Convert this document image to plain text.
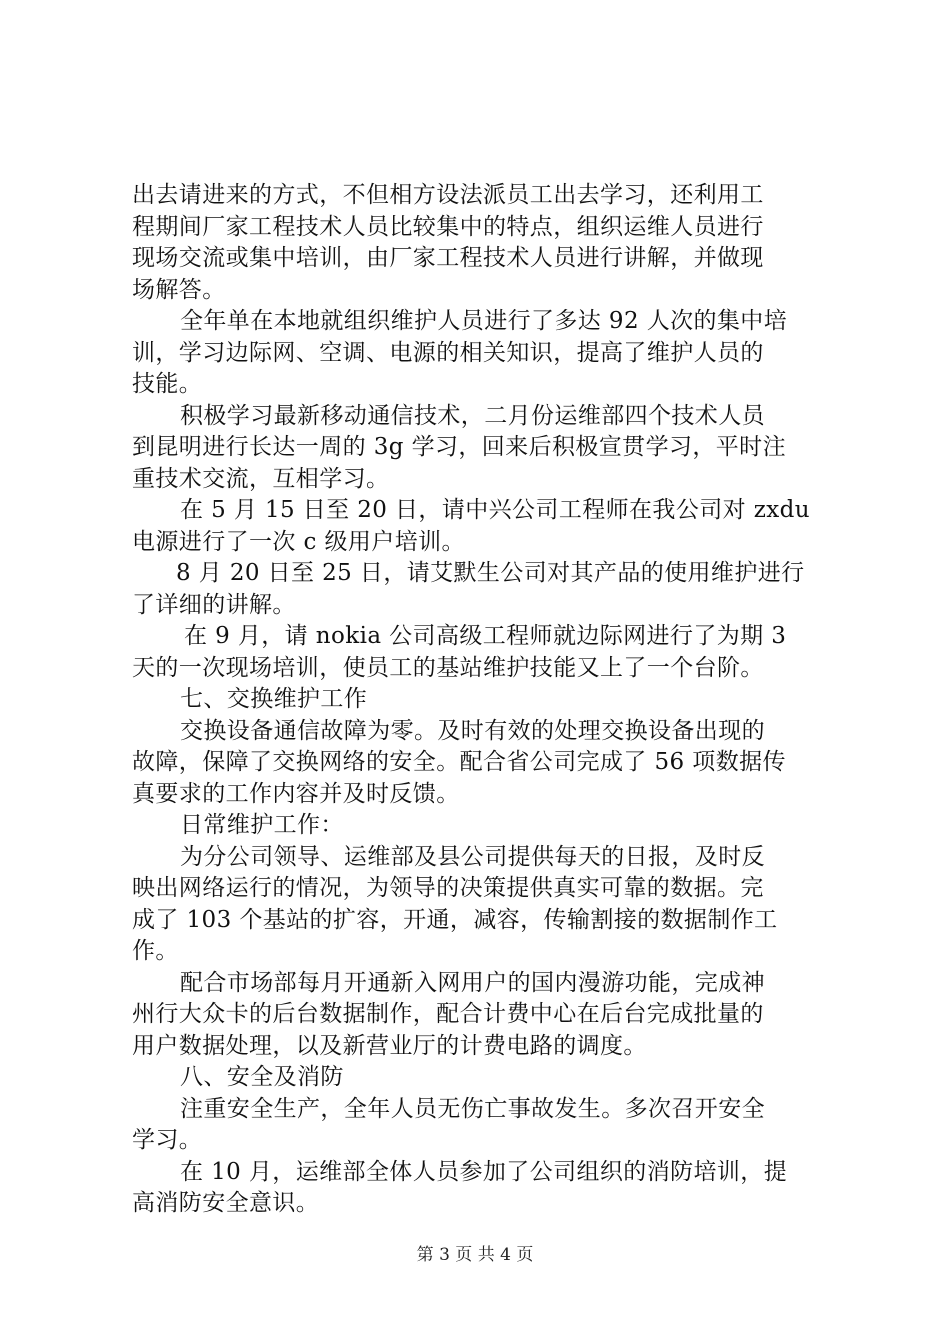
出去请进来的方式，不但相方设法派员工出去学习，还利用工
程期间厂家工程技术人员比较集中的特点，组织运维人员进行
现场交流或集中培训，由厂家工程技术人员进行讲解，并做现
场解答。
全年单在本地就组织维护人员进行了多达 92 人次的集中培
训，学习边际网、空调、电源的相关知识，提高了维护人员的
技能。
积极学习最新移动通信技术，二月份运维部四个技术人员
到昆明进行长达一周的 3g 学习，回来后积极宣贯学习，平时注
重技术交流，互相学习。
在 5 月 15 日至 20 日，请中兴公司工程师在我公司对 zxdu
电源进行了一次 c 级用户培训。
8 月 20 日至 25 日，请艾默生公司对其产品的使用维护进行
了详细的讲解。
在 9 月，请 nokia 公司高级工程师就边际网进行了为期 3
天的一次现场培训，使员工的基站维护技能又上了一个台阶。
七、交换维护工作
交换设备通信故障为零。及时有效的处理交换设备出现的
故障，保障了交换网络的安全。配合省公司完成了 56 项数据传
真要求的工作内容并及时反馈。
日常维护工作：
为分公司领导、运维部及县公司提供每天的日报，及时反
映出网络运行的情况，为领导的决策提供真实可靠的数据。完
成了 103 个基站的扩容，开通，减容，传输割接的数据制作工
作。
配合市场部每月开通新入网用户的国内漫游功能，完成神
州行大众卡的后台数据制作，配合计费中心在后台完成批量的
用户数据处理，以及新营业厅的计费电路的调度。
八、安全及消防
注重安全生产，全年人员无伤亡事故发生。多次召开安全
学习。
在 10 月，运维部全体人员参加了公司组织的消防培训，提
高消防安全意识。
第 3 页 共 4 页
